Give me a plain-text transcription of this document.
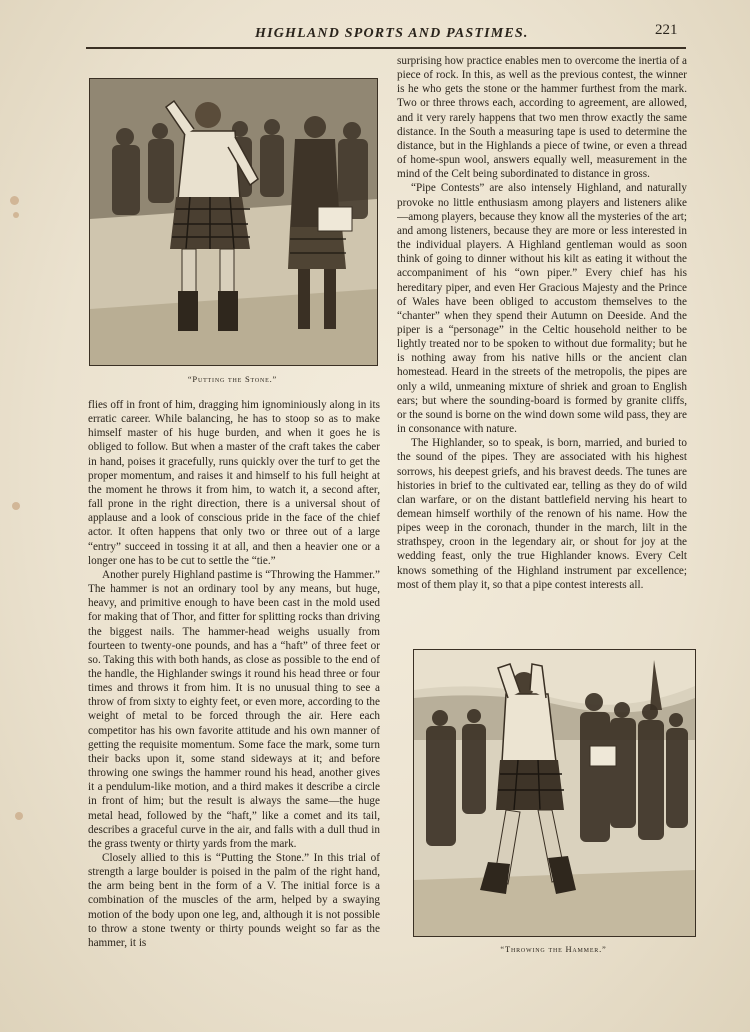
HIGHLAND SPORTS AND PASTIMES.	221
“Putting the Stone.”

flies off in front of him, dragging him ignominiously along in its erratic career. While balancing, he has to stoop so as to make himself master of his huge burden, and when it goes he is obliged to follow. But when a master of the craft takes the caber in hand, poises it gracefully, runs quickly over the turf to get the proper momentum, and raises it and himself to his full height at the moment he throws it from him, to watch it, a second after, fall prone in the right direction, there is a universal shout of applause and a look of conscious pride in the face of the chief actor. It often happens that only two or three out of a large “entry” succeed in tossing it at all, and then a heavier one or a longer one has to be cut to settle the “tie.”

Another purely Highland pastime is “Throwing the Hammer.” The hammer is not an ordinary tool by any means, but huge, heavy, and primitive enough to have been cast in the mold used for making that of Thor, and fitter for splitting rocks than driving the biggest nails. The hammer-head weighs usually from fourteen to twenty-one pounds, and has a “haft” of three feet or so. Taking this with both hands, as close as possible to the end of the handle, the Highlander swings it round his head three or four times and throws it from him. It is no unusual thing to see a throw of from sixty to eighty feet, or even more, according to the weight of metal to be forced through the air. Here each competitor has his own favorite attitude and his own manner of getting the requisite momentum. Some face the mark, some turn their backs upon it, some stand sideways at it; and before throwing one swings the hammer round his head, another gives it a pendulum-like motion, and a third makes it describe a circle in front of him; but the result is always the same—the huge metal head, followed by the “haft,” like a comet and its tail, describes a graceful curve in the air, and falls with a dull thud in the grass twenty or thirty yards from the mark.

Closely allied to this is “Putting the Stone.” In this trial of strength a large boulder is poised in the palm of the right hand, the arm being bent in the form of a V. The initial force is a combination of the muscles of the arm, helped by a swaying motion of the body upon one leg, and, although it is not possible to throw a stone twenty or thirty pounds weight so far as the hammer, it is

surprising how practice enables men to overcome the inertia of a piece of rock. In this, as well as the previous contest, the winner is he who gets the stone or the hammer furthest from the mark. Two or three throws each, according to agreement, are allowed, and it very rarely happens that two men throw exactly the same distance. In the South a measuring tape is used to determine the distance, but in the Highlands a piece of twine, or even a thread of home-spun wool, answers equally well, measurement in the mind of the Celt being subordinated to distance in gross.

“Pipe Contests” are also intensely Highland, and naturally provoke no little enthusiasm among players and listeners alike—among players, because they know all the mysteries of the art; and among listeners, because they are more or less interested in the individual players. A Highland gentleman would as soon think of going to dinner without his kilt as eating it without the accompaniment of his “own piper.” Every chief has his hereditary piper, and even Her Gracious Majesty and the Prince of Wales have been obliged to accustom themselves to the “chanter” when they spend their Autumn on Deeside. And the piper is a “personage” in the Celtic household neither to be lightly treated nor to be spoken to without due formality; but he is nothing away from his native hills or the ancient clan homestead. Heard in the streets of the metropolis, the pipes are only a wild, unmeaning mixture of shriek and groan to English ears; but where the sounding-board is formed by granite cliffs, or the sound is borne on the wind down some wild pass, they are in consonance with nature.

The Highlander, so to speak, is born, married, and buried to the sound of the pipes. They are associated with his highest sorrows, his deepest griefs, and his bravest deeds. The tunes are histories in brief to the cultivated ear, telling as they do of wild clan warfare, or on the distant battlefield nerving his heart to demean himself worthily of the renown of his name. How the pipes weep in the coronach, thunder in the march, lilt in the strathspey, croon in the legendary air, or shout for joy at the wedding feast, only the true Highlander knows. Every Celt knows something of the Highland instrument par excellence; most of them play it, so that a pipe contest interests all.

“Throwing the Hammer.”
